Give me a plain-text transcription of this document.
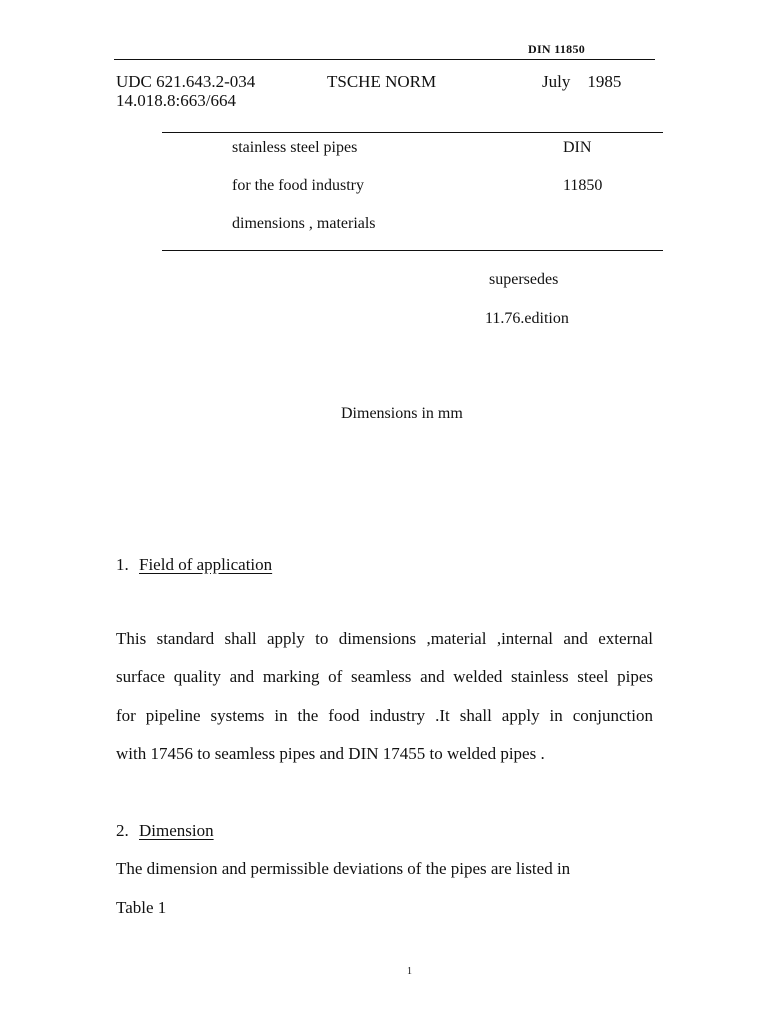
DIN 11850
UDC 621.643.2-034	TSCHE NORM	July    1985
14.018.8:663/664
stainless steel pipes	DIN
for the food industry	11850
dimensions , materials
supersedes
11.76.edition
Dimensions in mm
1. Field of application
This standard shall apply to dimensions ,material ,internal and external
surface quality and marking of seamless and welded stainless steel pipes
for pipeline systems in the food industry .It shall apply in conjunction
with 17456 to seamless pipes and DIN 17455 to welded pipes .
2. Dimension
The dimension and permissible deviations of the pipes are listed in
Table 1
1
